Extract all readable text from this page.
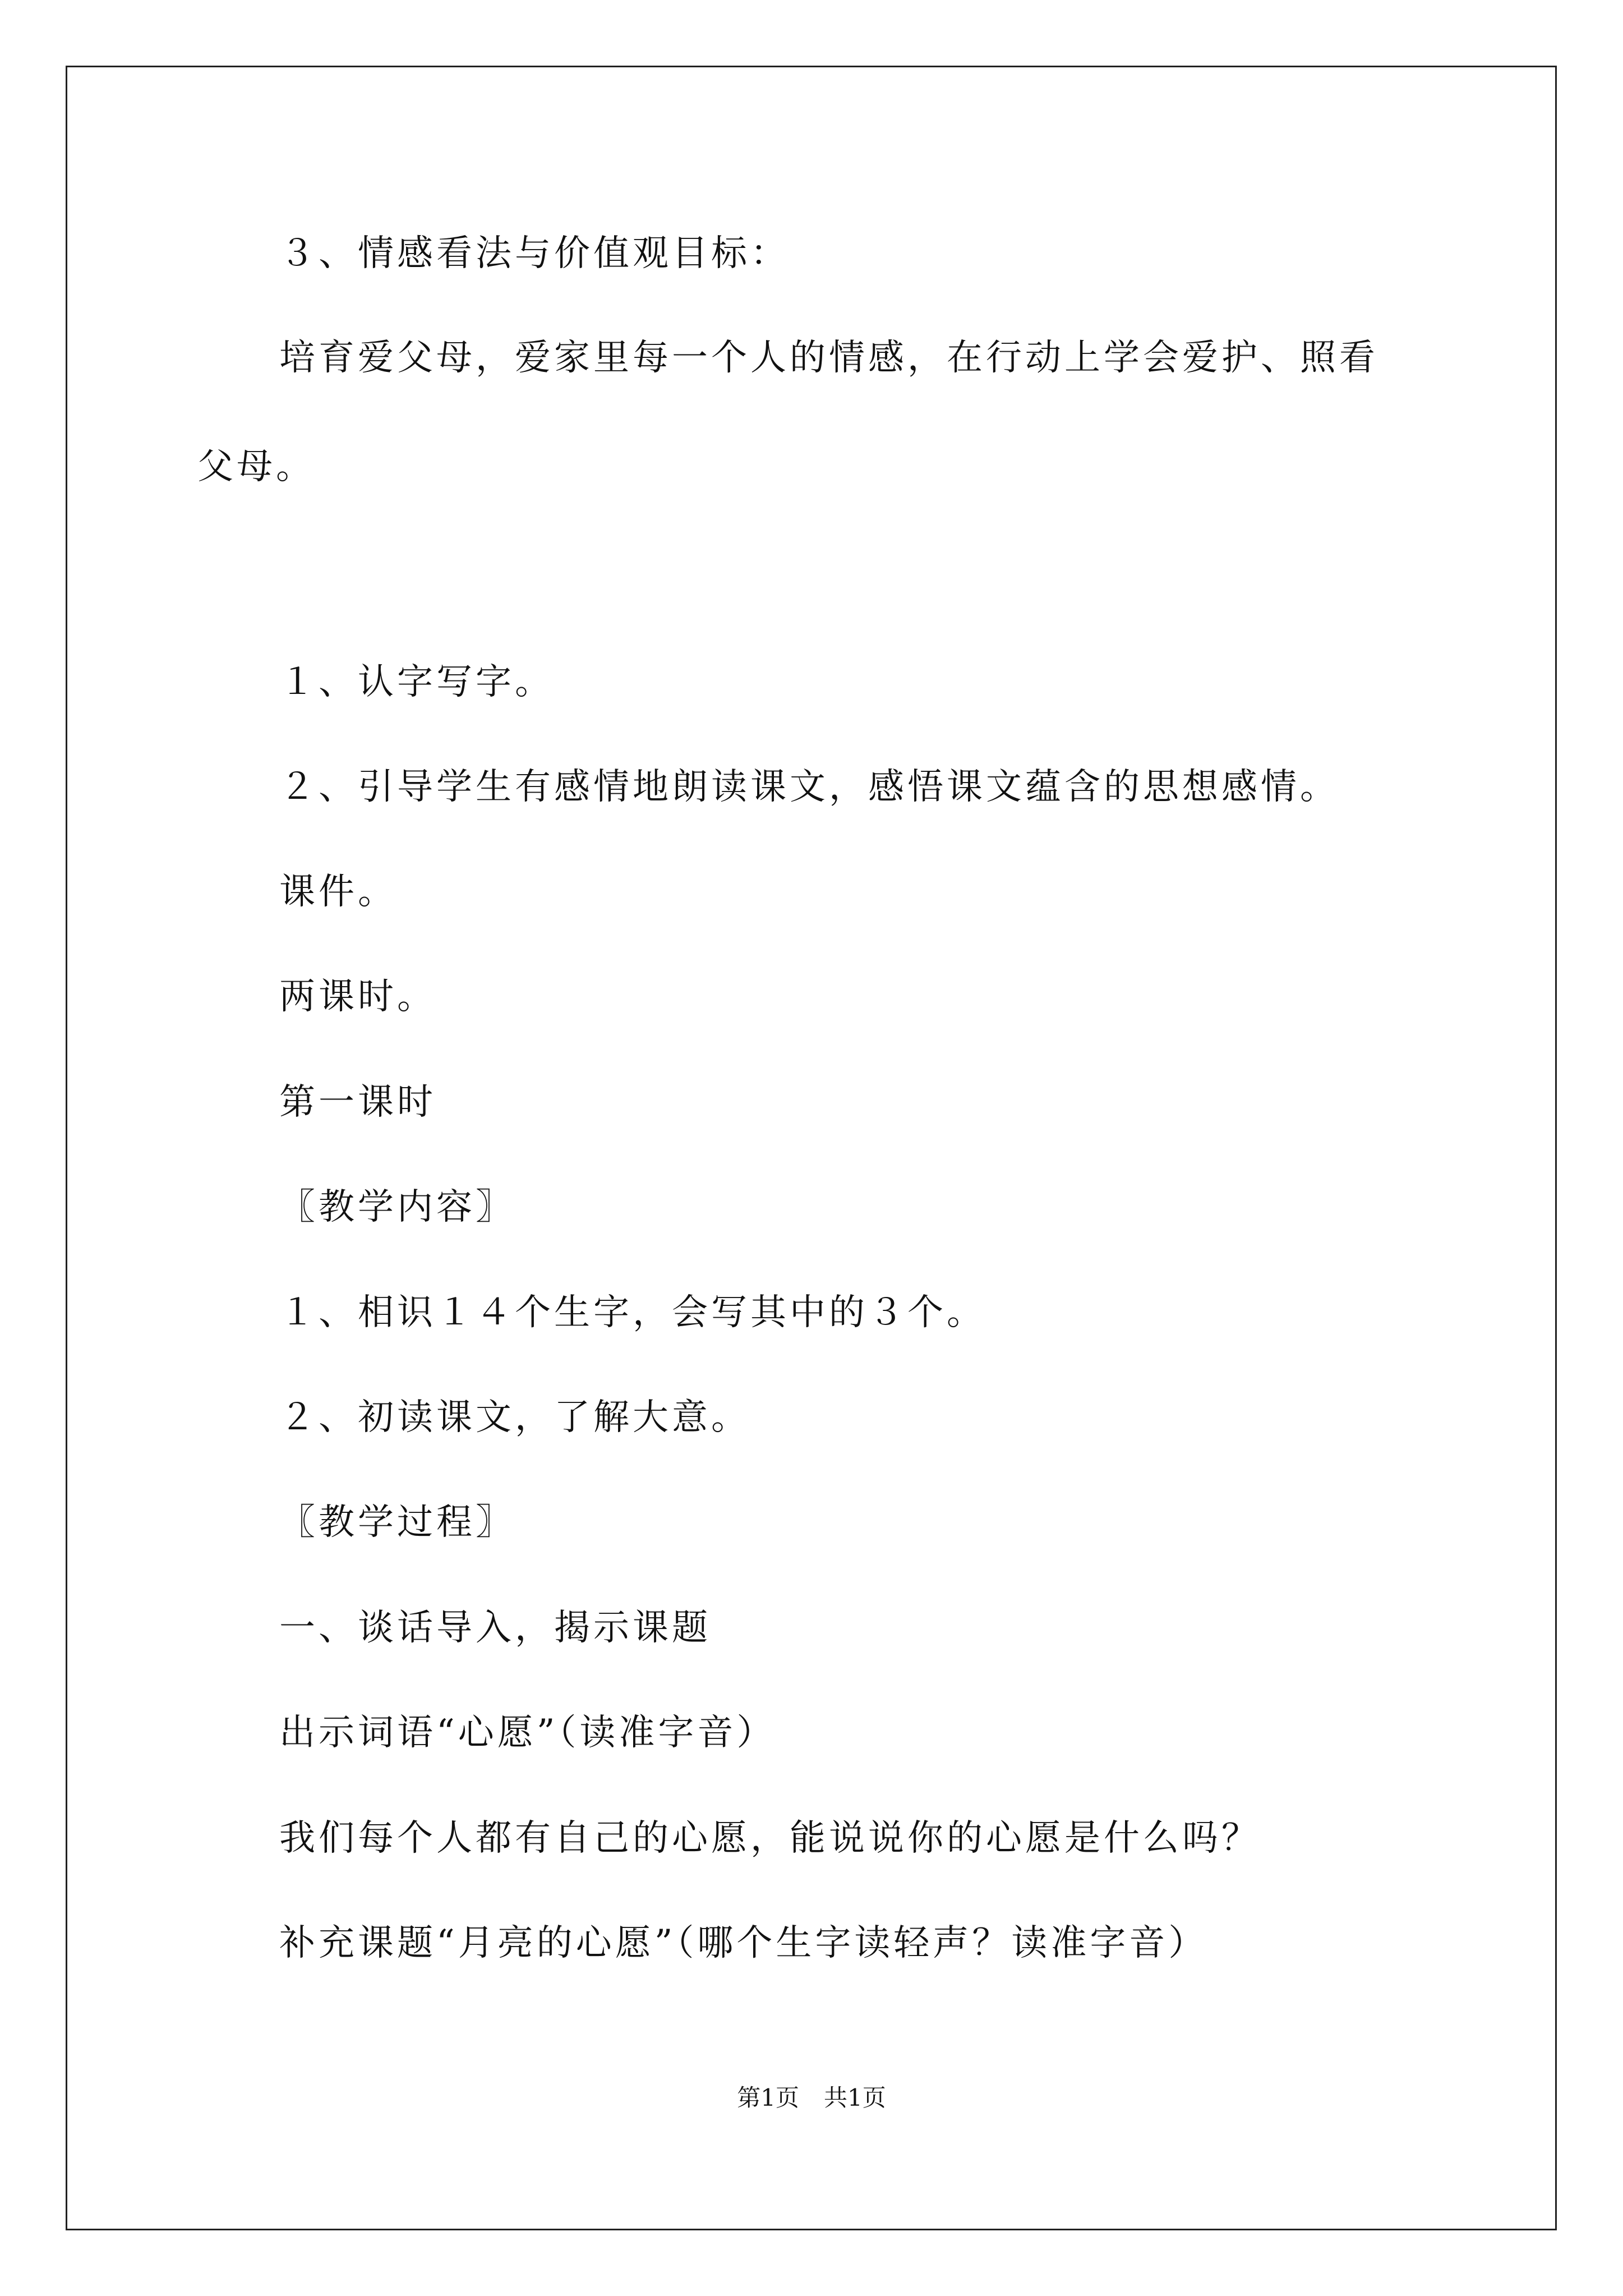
３、情感看法与价值观目标：
培育爱父母，爱家里每一个人的情感，在行动上学会爱护、照看
父母。
１、认字写字。
２、引导学生有感情地朗读课文，感悟课文蕴含的思想感情。
课件。
两课时。
第一课时
〖教学内容〗
１、相识１４个生字，会写其中的３个。
２、初读课文，了解大意。
〖教学过程〗
一、谈话导入，揭示课题
出示词语“心愿”（读准字音）
我们每个人都有自己的心愿，能说说你的心愿是什么吗？
补充课题“月亮的心愿”（哪个生字读轻声？读准字音）
第1页 共1页
